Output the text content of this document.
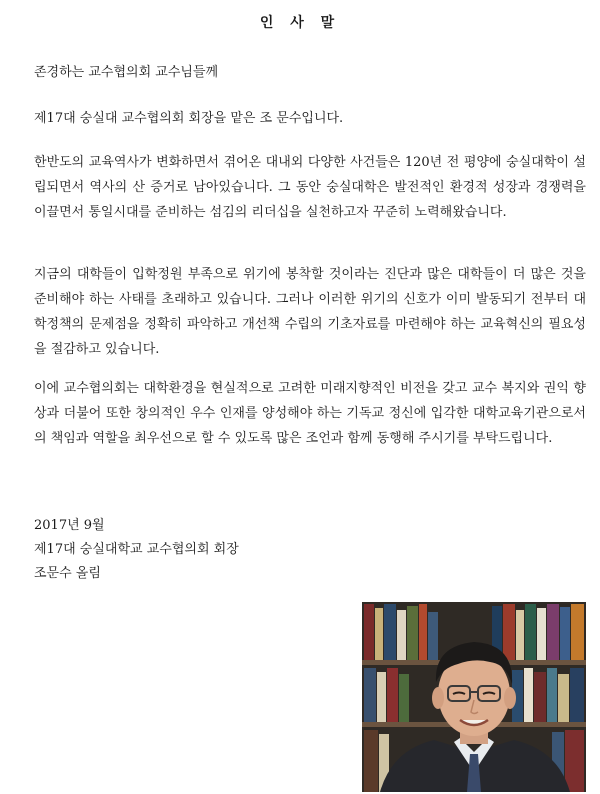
인 사 말
존경하는 교수협의회 교수님들께
제17대 숭실대 교수협의회 회장을 맡은 조 문수입니다.
한반도의 교육역사가 변화하면서 겪어온 대내외 다양한 사건들은 120년 전 평양에 숭실대학이 설립되면서 역사의 산 증거로 남아있습니다. 그 동안 숭실대학은 발전적인 환경적 성장과 경쟁력을 이끌면서 통일시대를 준비하는 섬김의 리더십을 실천하고자 꾸준히 노력해왔습니다.
지금의 대학들이 입학정원 부족으로 위기에 봉착할 것이라는 진단과 많은 대학들이 더 많은 것을 준비해야 하는 사태를 초래하고 있습니다. 그러나 이러한 위기의 신호가 이미 발동되기 전부터 대학정책의 문제점을 정확히 파악하고 개선책 수립의 기초자료를 마련해야 하는 교육혁신의 필요성을 절감하고 있습니다.
이에 교수협의회는 대학환경을 현실적으로 고려한 미래지향적인 비전을 갖고 교수 복지와 권익 향상과 더불어 또한 창의적인 우수 인재를 양성해야 하는 기독교 정신에 입각한 대학교육기관으로서의 책임과 역할을 최우선으로 할 수 있도록 많은 조언과 함께 동행해 주시기를 부탁드립니다.
2017년 9월
제17대 숭실대학교 교수협의회 회장
조문수 올림
